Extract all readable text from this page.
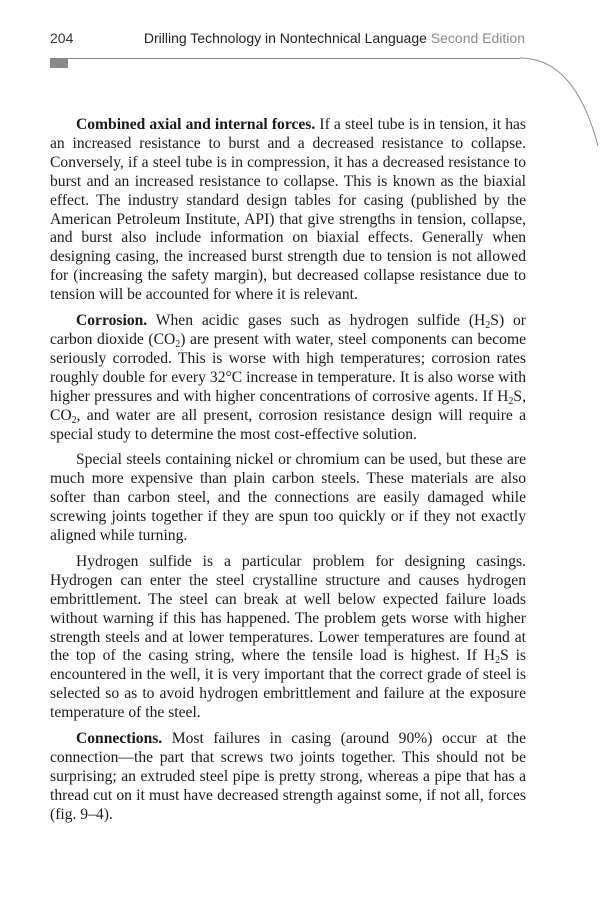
204	Drilling Technology in Nontechnical Language Second Edition

Combined axial and internal forces. If a steel tube is in tension, it has an increased resistance to burst and a decreased resistance to collapse. Conversely, if a steel tube is in compression, it has a decreased resistance to burst and an increased resistance to collapse. This is known as the biaxial effect. The industry standard design tables for casing (published by the American Petroleum Institute, API) that give strengths in tension, collapse, and burst also include information on biaxial effects. Generally when designing casing, the increased burst strength due to tension is not allowed for (increasing the safety margin), but decreased collapse resistance due to tension will be accounted for where it is relevant.

Corrosion. When acidic gases such as hydrogen sulfide $(H_2S)$ or carbon dioxide $(CO_2)$ are present with water, steel components can become seriously corroded. This is worse with high temperatures; corrosion rates roughly double for every 32°C increase in temperature. It is also worse with higher pressures and with higher concentrations of corrosive agents. If $H_2S$, $CO_2$, and water are all present, corrosion resistance design will require a special study to determine the most cost-effective solution.

Special steels containing nickel or chromium can be used, but these are much more expensive than plain carbon steels. These materials are also softer than carbon steel, and the connections are easily damaged while screwing joints together if they are spun too quickly or if they not exactly aligned while turning.

Hydrogen sulfide is a particular problem for designing casings. Hydrogen can enter the steel crystalline structure and causes hydrogen embrittlement. The steel can break at well below expected failure loads without warning if this has happened. The problem gets worse with higher strength steels and at lower temperatures. Lower temperatures are found at the top of the casing string, where the tensile load is highest. If $H_2S$ is encountered in the well, it is very important that the correct grade of steel is selected so as to avoid hydrogen embrittlement and failure at the exposure temperature of the steel.

Connections. Most failures in casing (around 90%) occur at the connection—the part that screws two joints together. This should not be surprising; an extruded steel pipe is pretty strong, whereas a pipe that has a thread cut on it must have decreased strength against some, if not all, forces (fig. 9–4).
